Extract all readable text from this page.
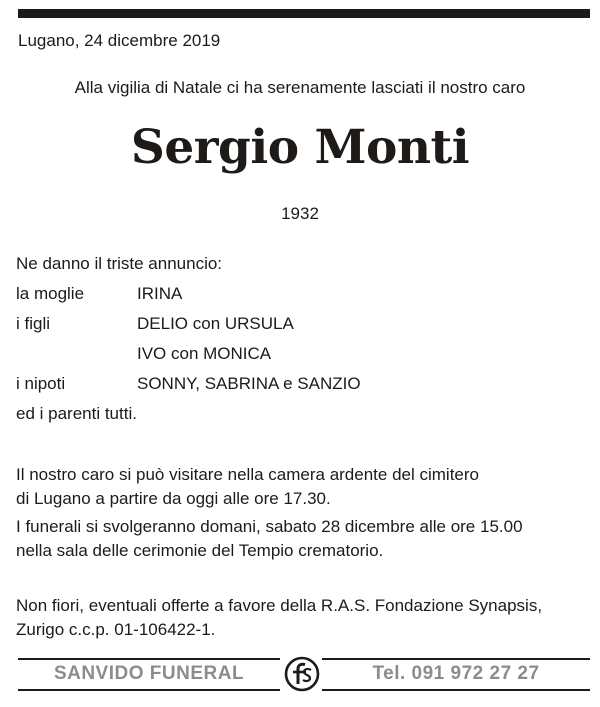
Lugano, 24 dicembre 2019
Alla vigilia di Natale ci ha serenamente lasciati il nostro caro
Sergio Monti
1932
Ne danno il triste annuncio:
la moglie	IRINA
i figli	DELIO con URSULA
IVO con MONICA
i nipoti	SONNY, SABRINA e SANZIO
ed i parenti tutti.
Il nostro caro si può visitare nella camera ardente del cimitero
di Lugano a partire da oggi alle ore 17.30.
I funerali si svolgeranno domani, sabato 28 dicembre alle ore 15.00
nella sala delle cerimonie del Tempio crematorio.
Non fiori, eventuali offerte a favore della R.A.S. Fondazione Synapsis,
Zurigo c.c.p. 01-106422-1.
SANVIDO FUNERAL	Tel. 091 972 27 27
